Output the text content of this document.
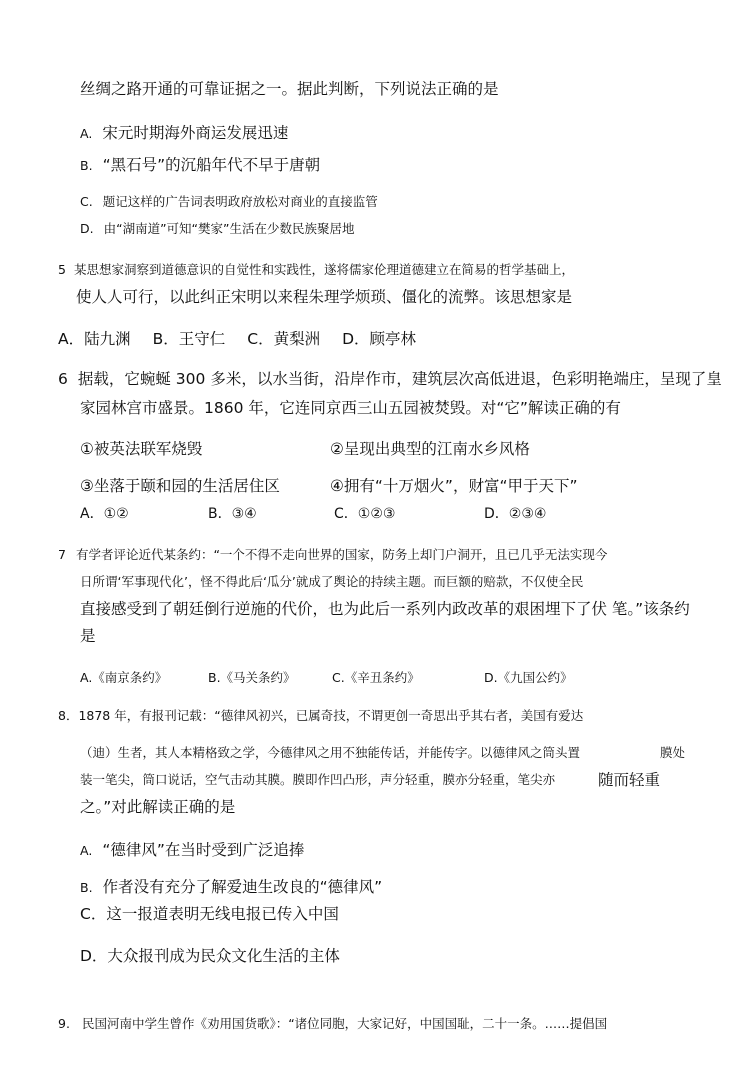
丝绸之路开通的可靠证据之一。据此判断，下列说法正确的是
A. 宋元时期海外商运发展迅速
B. “黑石号”的沉船年代不早于唐朝
C. 题记这样的广告词表明政府放松对商业的直接监管
D. 由“湖南道”可知“樊家”生活在少数民族聚居地
5 某思想家洞察到道德意识的自觉性和实践性，遂将儒家伦理道德建立在简易的哲学基础上，
使人人可行，以此纠正宋明以来程朱理学烦琐、僵化的流弊。该思想家是
A．陆九渊 B．王守仁 C．黄梨洲 D．顾亭林
6 据载，它蜿蜒 300 多米，以水当街，沿岸作市，建筑层次高低进退，色彩明艳端庄，呈现了皇
家园林宫市盛景。1860 年，它连同京西三山五园被焚毁。对“它”解读正确的有
①被英法联军烧毁	②呈现出典型的江南水乡风格
③坐落于颐和园的生活居住区	④拥有“十万烟火”，财富“甲于天下”
A．①②	B．③④	C．①②③	D．②③④
7 有学者评论近代某条约：“一个不得不走向世界的国家，防务上却门户洞开，且已几乎无法实现今
日所谓‘军事现代化’，怪不得此后‘瓜分’就成了舆论的持续主题。而巨额的赔款，不仅使全民
直接感受到了朝廷倒行逆施的代价，也为此后一系列内政改革的艰困埋下了伏 笔。”该条约
是
A.《南京条约》	B.《马关条约》	C.《辛丑条约》	D.《九国公约》
8．1878 年，有报刊记载：“德律风初兴，已属奇技，不谓更创一奇思出乎其右者，美国有爱达
（迪）生者，其人本精格致之学，今德律风之用不独能传话，并能传字。以德律风之筒头置	膜处
装一笔尖，筒口说话，空气击动其膜。膜即作凹凸形，声分轻重，膜亦分轻重，笔尖亦	随而轻重
之。”对此解读正确的是
A. “德律风”在当时受到广泛追捧
B. 作者没有充分了解爱迪生改良的“德律风”
C．这一报道表明无线电报已传入中国
D．大众报刊成为民众文化生活的主体
9. 民国河南中学生曾作《劝用国货歌》：“诸位同胞，大家记好，中国国耻，二十一条。……提倡国
